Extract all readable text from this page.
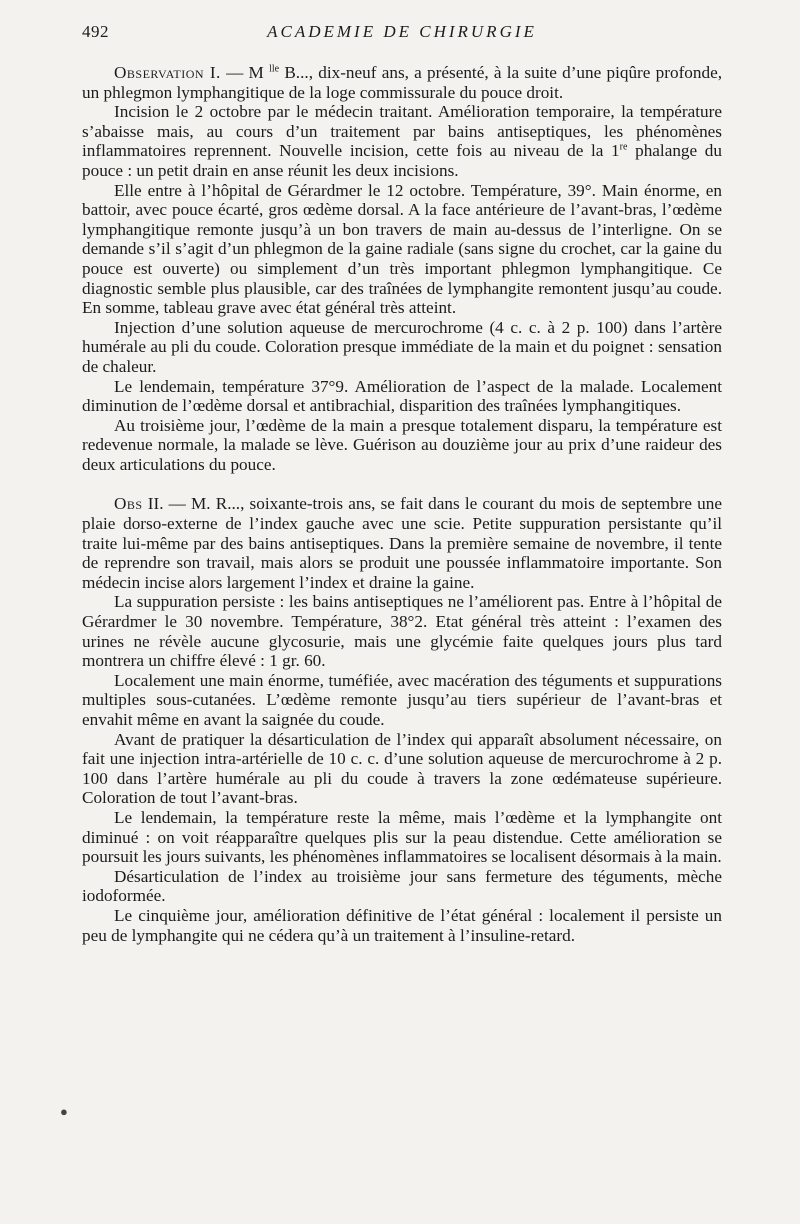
492	ACADEMIE DE CHIRURGIE

Observation I. — M $^{lle}$ B..., dix-neuf ans, a présenté, à la suite d’une piqûre profonde, un phlegmon lymphangitique de la loge commissurale du pouce droit.

Incision le 2 octobre par le médecin traitant. Amélioration temporaire, la température s’abaisse mais, au cours d’un traitement par bains antiseptiques, les phénomènes inflammatoires reprennent. Nouvelle incision, cette fois au niveau de la 1re phalange du pouce : un petit drain en anse réunit les deux incisions.

Elle entre à l’hôpital de Gérardmer le 12 octobre. Température, 39°. Main énorme, en battoir, avec pouce écarté, gros œdème dorsal. A la face antérieure de l’avant-bras, l’œdème lymphangitique remonte jusqu’à un bon travers de main au-dessus de l’interligne. On se demande s’il s’agit d’un phlegmon de la gaine radiale (sans signe du crochet, car la gaine du pouce est ouverte) ou simplement d’un très important phlegmon lymphangitique. Ce diagnostic semble plus plausible, car des traînées de lymphangite remontent jusqu’au coude. En somme, tableau grave avec état général très atteint.

Injection d’une solution aqueuse de mercurochrome (4 c. c. à 2 p. 100) dans l’artère humérale au pli du coude. Coloration presque immédiate de la main et du poignet : sensation de chaleur.

Le lendemain, température 37°9. Amélioration de l’aspect de la malade. Localement diminution de l’œdème dorsal et antibrachial, disparition des traînées lymphangitiques.

Au troisième jour, l’œdème de la main a presque totalement disparu, la température est redevenue normale, la malade se lève. Guérison au douzième jour au prix d’une raideur des deux articulations du pouce.

Obs II. — M. R..., soixante-trois ans, se fait dans le courant du mois de septembre une plaie dorso-externe de l’index gauche avec une scie. Petite suppuration persistante qu’il traite lui-même par des bains antiseptiques. Dans la première semaine de novembre, il tente de reprendre son travail, mais alors se produit une poussée inflammatoire importante. Son médecin incise alors largement l’index et draine la gaine.

La suppuration persiste : les bains antiseptiques ne l’améliorent pas. Entre à l’hôpital de Gérardmer le 30 novembre. Température, 38°2. Etat général très atteint : l’examen des urines ne révèle aucune glycosurie, mais une glycémie faite quelques jours plus tard montrera un chiffre élevé : 1 gr. 60.

Localement une main énorme, tuméfiée, avec macération des téguments et suppurations multiples sous-cutanées. L’œdème remonte jusqu’au tiers supérieur de l’avant-bras et envahit même en avant la saignée du coude.

Avant de pratiquer la désarticulation de l’index qui apparaît absolument nécessaire, on fait une injection intra-artérielle de 10 c. c. d’une solution aqueuse de mercurochrome à 2 p. 100 dans l’artère humérale au pli du coude à travers la zone œdémateuse supérieure. Coloration de tout l’avant-bras.

Le lendemain, la température reste la même, mais l’œdème et la lymphangite ont diminué : on voit réapparaître quelques plis sur la peau distendue. Cette amélioration se poursuit les jours suivants, les phénomènes inflammatoires se localisent désormais à la main.

Désarticulation de l’index au troisième jour sans fermeture des téguments, mèche iodoformée.

Le cinquième jour, amélioration définitive de l’état général : localement il persiste un peu de lymphangite qui ne cédera qu’à un traitement à l’insuline-retard.

●
